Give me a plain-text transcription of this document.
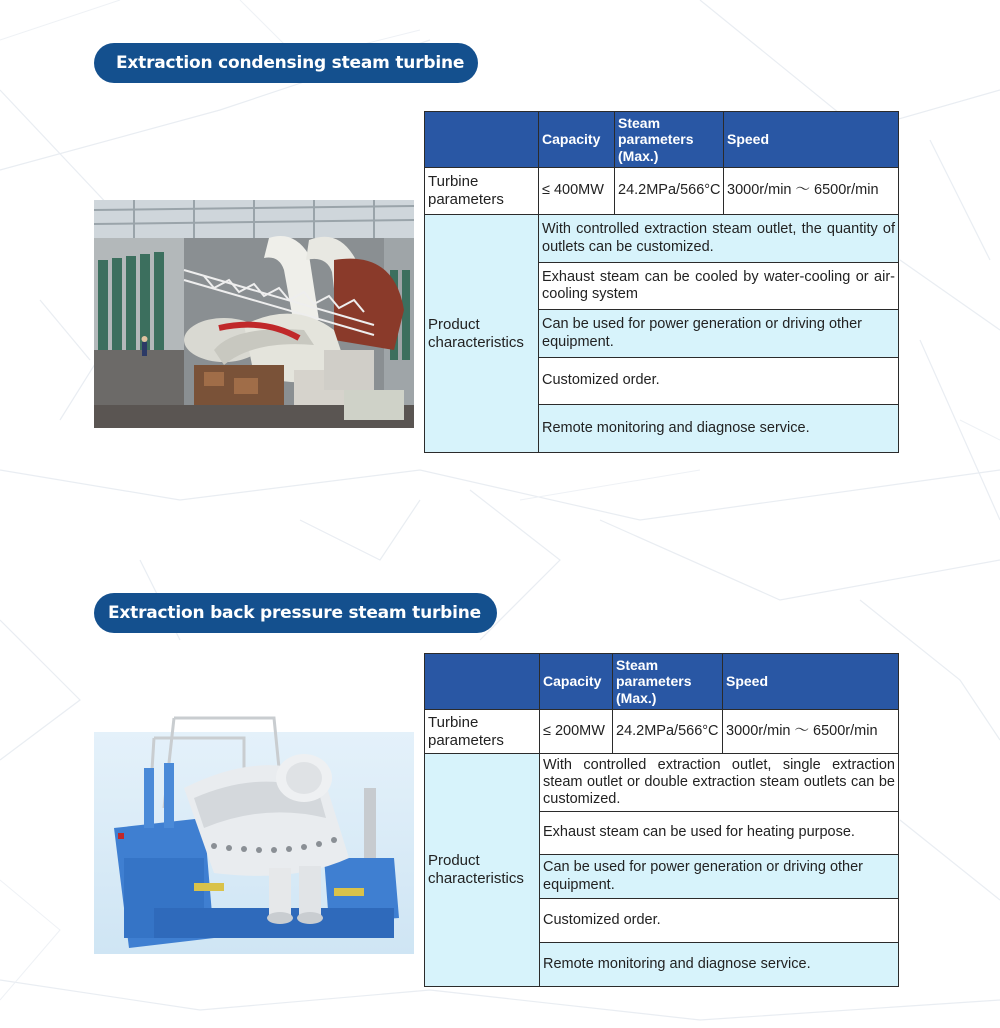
Extraction condensing steam turbine
	Capacity	Steam parameters (Max.)	Speed
Turbine parameters	≤ 400MW	24.2MPa/566°C	3000r/min ～ 6500r/min
Product characteristics	With controlled extraction steam outlet, the quantity of outlets can be customized.		
	Exhaust steam can be cooled by water-cooling or air-cooling system		
	Can be used for power generation or driving other equipment.		
	Customized order.		
	Remote monitoring and diagnose service.		
Extraction back pressure steam turbine
	Capacity	Steam parameters (Max.)	Speed
Turbine parameters	≤ 200MW	24.2MPa/566°C	3000r/min ～ 6500r/min
Product characteristics	With controlled extraction outlet, single extraction steam outlet or double extraction steam outlets can be customized.		
	Exhaust steam can be used for heating purpose.		
	Can be used for power generation or driving other equipment.		
	Customized order.		
	Remote monitoring and diagnose service.		
